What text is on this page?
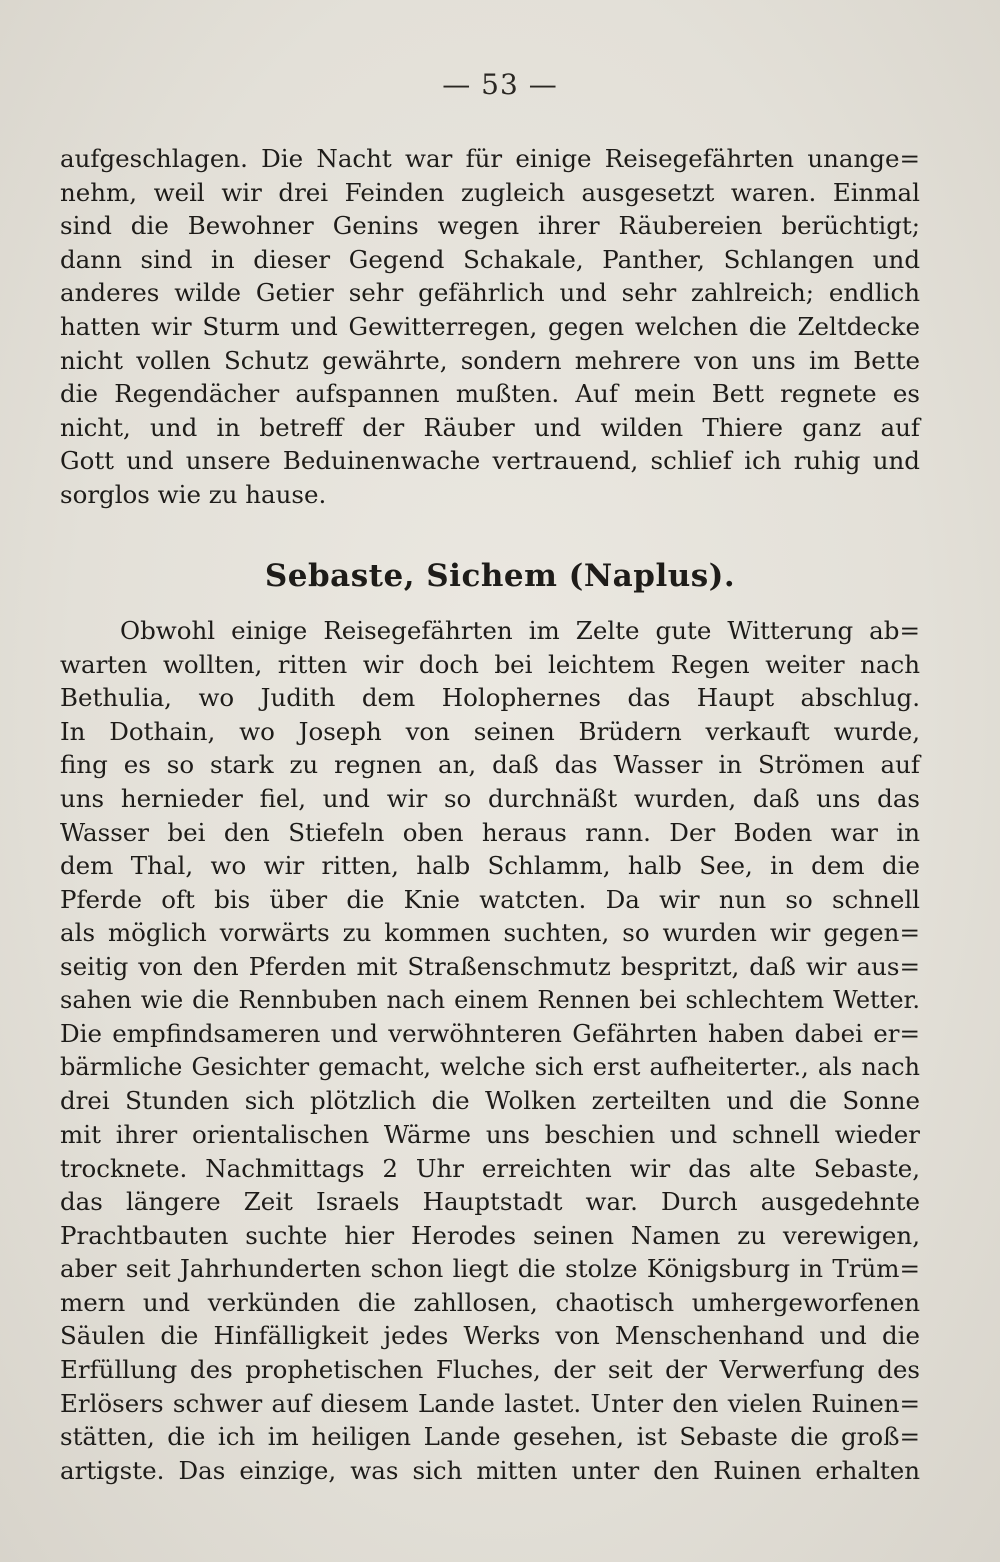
— 53 —
aufgeschlagen. Die Nacht war für einige Reisegefährten unange=
nehm, weil wir drei Feinden zugleich ausgesetzt waren. Einmal
sind die Bewohner Genins wegen ihrer Räubereien berüchtigt;
dann sind in dieser Gegend Schakale, Panther, Schlangen und
anderes wilde Getier sehr gefährlich und sehr zahlreich; endlich
hatten wir Sturm und Gewitterregen, gegen welchen die Zeltdecke
nicht vollen Schutz gewährte, sondern mehrere von uns im Bette
die Regendächer aufspannen mußten. Auf mein Bett regnete es
nicht, und in betreff der Räuber und wilden Thiere ganz auf
Gott und unsere Beduinenwache vertrauend, schlief ich ruhig und
sorglos wie zu hause.
Sebaste, Sichem (Naplus).
Obwohl einige Reisegefährten im Zelte gute Witterung ab=
warten wollten, ritten wir doch bei leichtem Regen weiter nach
Bethulia, wo Judith dem Holophernes das Haupt abschlug.
In Dothain, wo Joseph von seinen Brüdern verkauft wurde,
fing es so stark zu regnen an, daß das Wasser in Strömen auf
uns hernieder fiel, und wir so durchnäßt wurden, daß uns das
Wasser bei den Stiefeln oben heraus rann. Der Boden war in
dem Thal, wo wir ritten, halb Schlamm, halb See, in dem die
Pferde oft bis über die Knie watcten. Da wir nun so schnell
als möglich vorwärts zu kommen suchten, so wurden wir gegen=
seitig von den Pferden mit Straßenschmutz bespritzt, daß wir aus=
sahen wie die Rennbuben nach einem Rennen bei schlechtem Wetter.
Die empfindsameren und verwöhnteren Gefährten haben dabei er=
bärmliche Gesichter gemacht, welche sich erst aufheiterter., als nach
drei Stunden sich plötzlich die Wolken zerteilten und die Sonne
mit ihrer orientalischen Wärme uns beschien und schnell wieder
trocknete. Nachmittags 2 Uhr erreichten wir das alte Sebaste,
das längere Zeit Israels Hauptstadt war. Durch ausgedehnte
Prachtbauten suchte hier Herodes seinen Namen zu verewigen,
aber seit Jahrhunderten schon liegt die stolze Königsburg in Trüm=
mern und verkünden die zahllosen, chaotisch umhergeworfenen
Säulen die Hinfälligkeit jedes Werks von Menschenhand und die
Erfüllung des prophetischen Fluches, der seit der Verwerfung des
Erlösers schwer auf diesem Lande lastet. Unter den vielen Ruinen=
stätten, die ich im heiligen Lande gesehen, ist Sebaste die groß=
artigste. Das einzige, was sich mitten unter den Ruinen erhalten
